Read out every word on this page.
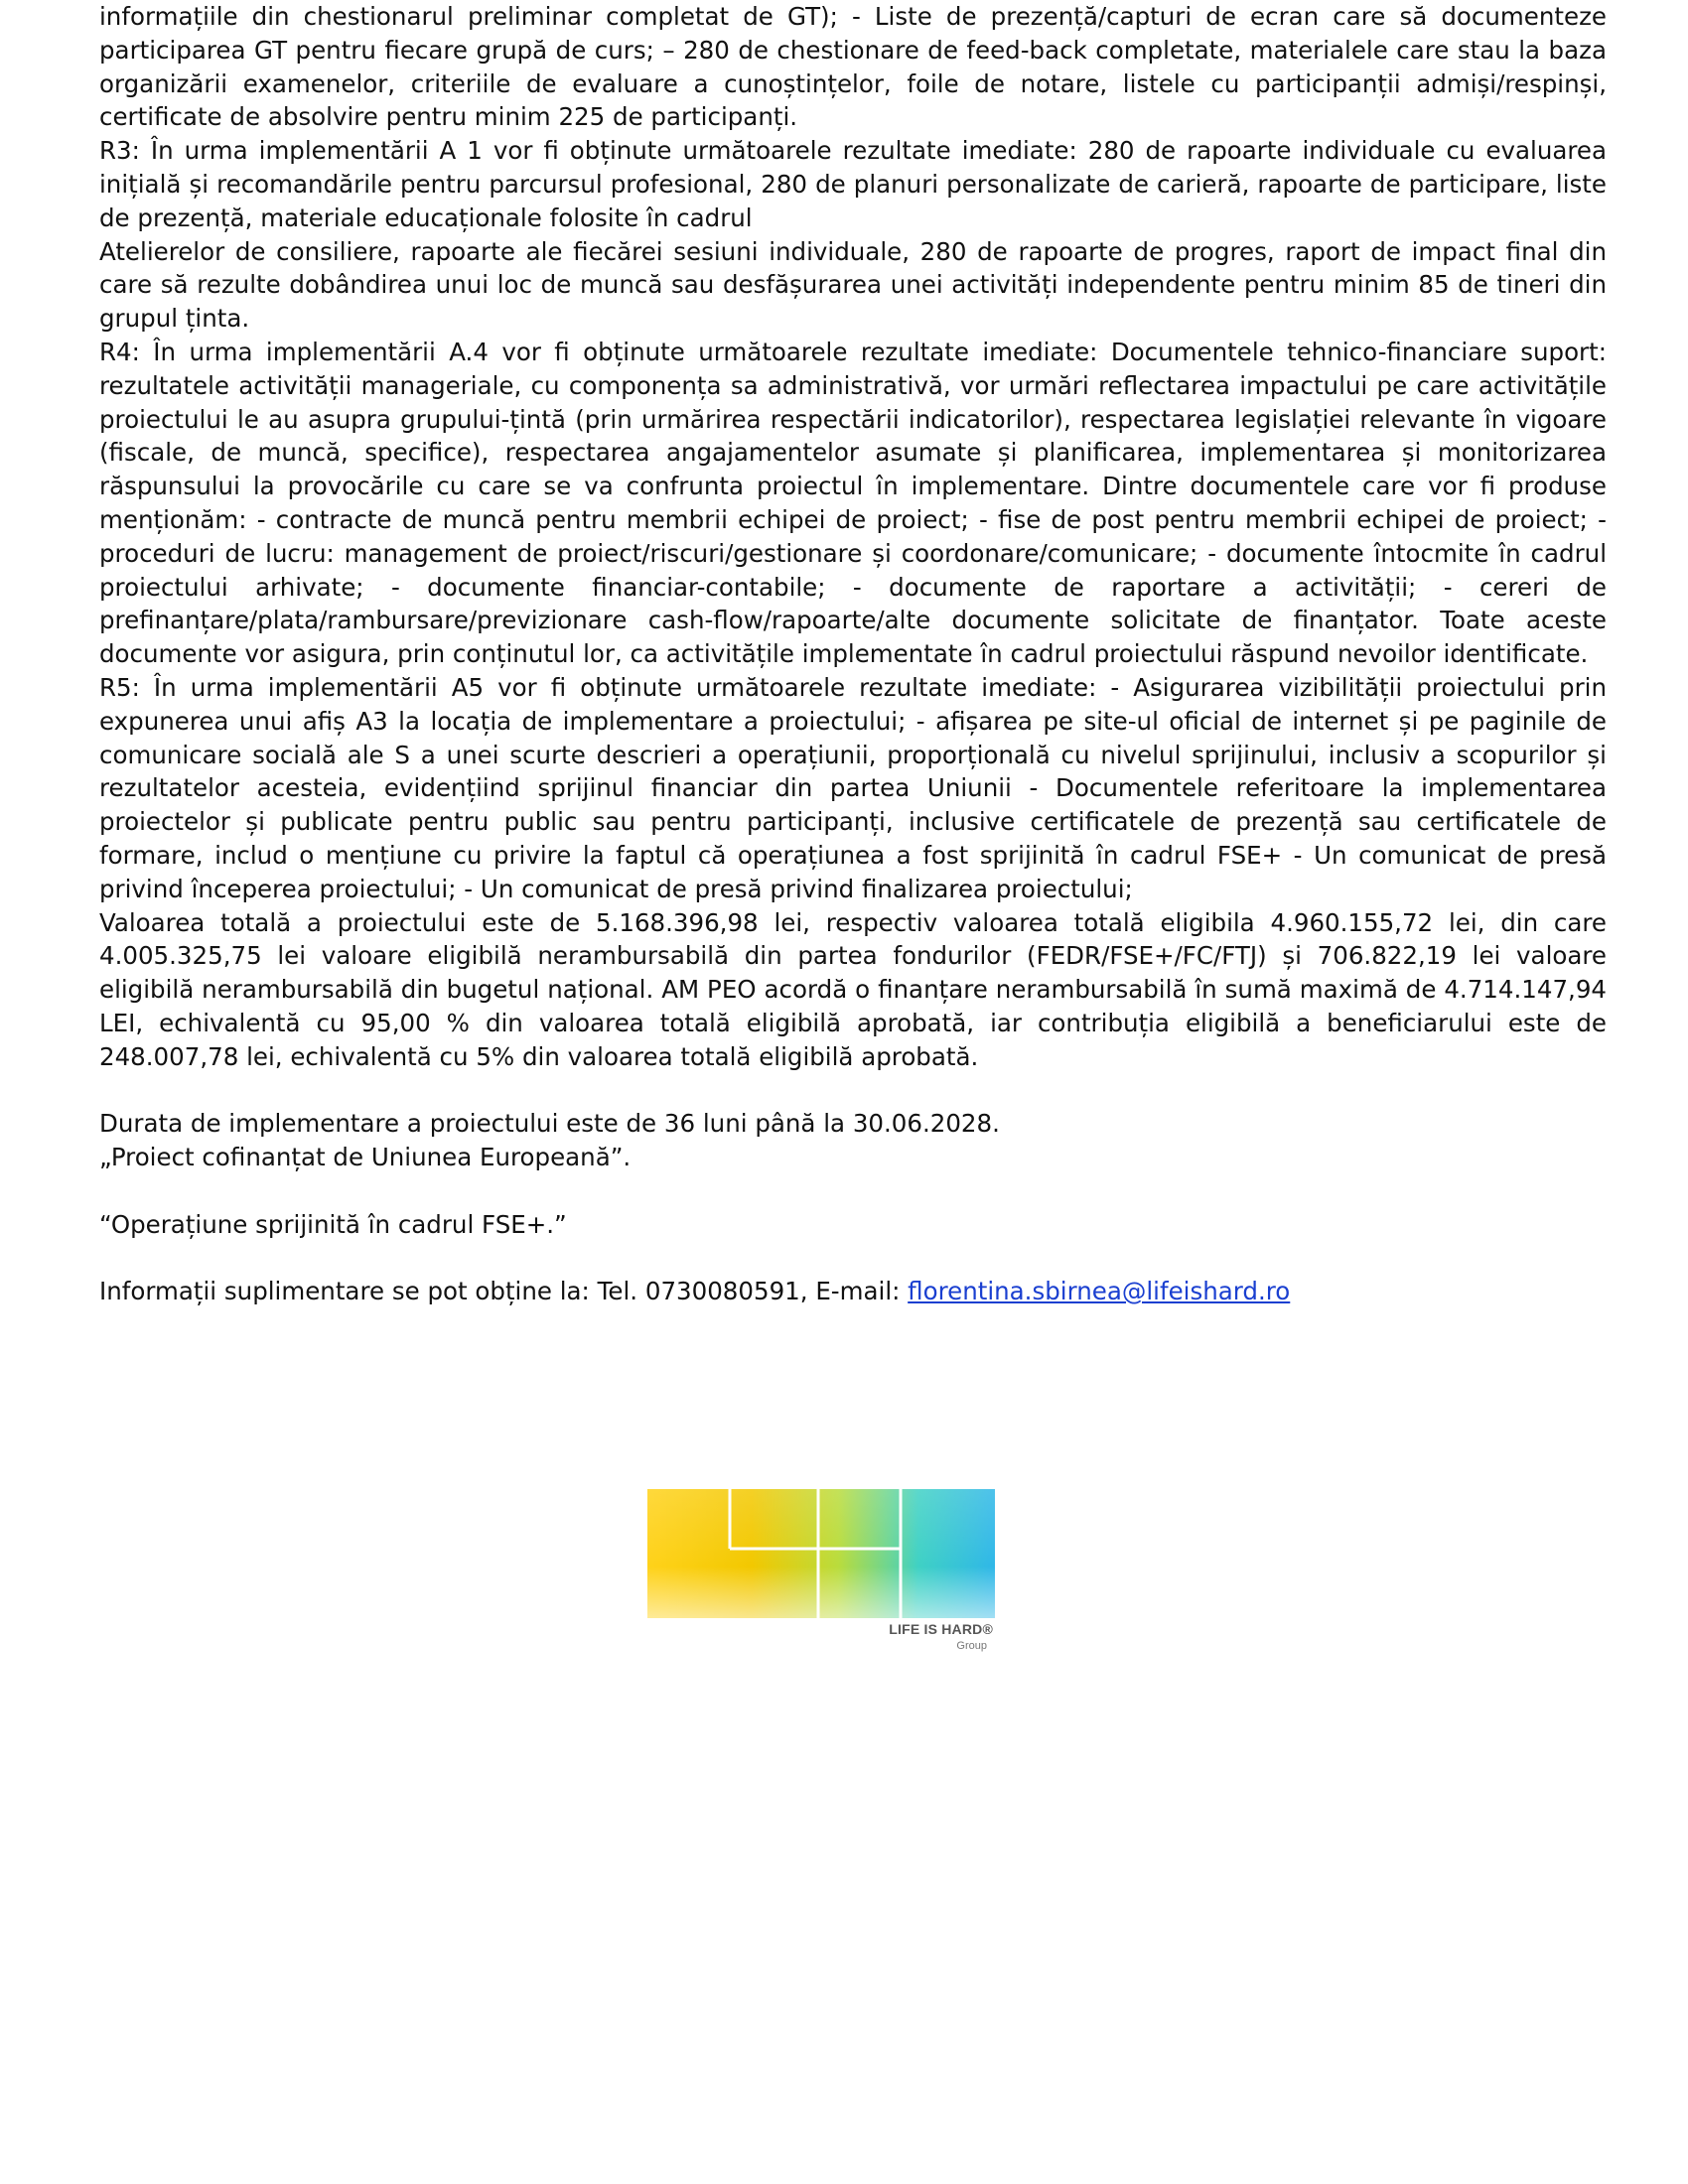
informațiile din chestionarul preliminar completat de GT); - Liste de prezență/capturi de ecran care să documenteze participarea GT pentru fiecare grupă de curs; – 280 de chestionare de feed-back completate, materialele care stau la baza organizării examenelor, criteriile de evaluare a cunoștințelor, foile de notare, listele cu participanții admiși/respinși, certificate de absolvire pentru minim 225 de participanți.

R3: În urma implementării A 1 vor fi obținute următoarele rezultate imediate: 280 de rapoarte individuale cu evaluarea inițială și recomandările pentru parcursul profesional, 280 de planuri personalizate de carieră, rapoarte de participare, liste de prezență, materiale educaționale folosite în cadrul

Atelierelor de consiliere, rapoarte ale fiecărei sesiuni individuale, 280 de rapoarte de progres, raport de impact final din care să rezulte dobândirea unui loc de muncă sau desfășurarea unei activități independente pentru minim 85 de tineri din grupul ținta.

R4: În urma implementării A.4 vor fi obținute următoarele rezultate imediate: Documentele tehnico-financiare suport: rezultatele activității manageriale, cu componența sa administrativă, vor urmări reflectarea impactului pe care activitățile proiectului le au asupra grupului-țintă (prin urmărirea respectării indicatorilor), respectarea legislației relevante în vigoare (fiscale, de muncă, specifice), respectarea angajamentelor asumate și planificarea, implementarea și monitorizarea răspunsului la provocările cu care se va confrunta proiectul în implementare. Dintre documentele care vor fi produse menționăm: - contracte de muncă pentru membrii echipei de proiect; - fise de post pentru membrii echipei de proiect; - proceduri de lucru: management de proiect/riscuri/gestionare și coordonare/comunicare; - documente întocmite în cadrul proiectului arhivate; - documente financiar-contabile; - documente de raportare a activității; - cereri de prefinanțare/plata/rambursare/previzionare cash-flow/rapoarte/alte documente solicitate de finanțator. Toate aceste documente vor asigura, prin conținutul lor, ca activitățile implementate în cadrul proiectului răspund nevoilor identificate.

R5: În urma implementării A5 vor fi obținute următoarele rezultate imediate: - Asigurarea vizibilității proiectului prin expunerea unui afiș A3 la locația de implementare a proiectului; - afișarea pe site-ul oficial de internet și pe paginile de comunicare socială ale S a unei scurte descrieri a operațiunii, proporțională cu nivelul sprijinului, inclusiv a scopurilor și rezultatelor acesteia, evidențiind sprijinul financiar din partea Uniunii - Documentele referitoare la implementarea proiectelor și publicate pentru public sau pentru participanți, inclusive certificatele de prezență sau certificatele de formare, includ o mențiune cu privire la faptul că operațiunea a fost sprijinită în cadrul FSE+ - Un comunicat de presă privind începerea proiectului; - Un comunicat de presă privind finalizarea proiectului;

Valoarea totală a proiectului este de 5.168.396,98 lei, respectiv valoarea totală eligibila 4.960.155,72 lei, din care 4.005.325,75 lei valoare eligibilă nerambursabilă din partea fondurilor (FEDR/FSE+/FC/FTJ) și 706.822,19 lei valoare eligibilă nerambursabilă din bugetul național. AM PEO acordă o finanțare nerambursabilă în sumă maximă de 4.714.147,94 LEI, echivalentă cu 95,00 % din valoarea totală eligibilă aprobată, iar contribuția eligibilă a beneficiarului este de 248.007,78 lei, echivalentă cu 5% din valoarea totală eligibilă aprobată.

Durata de implementare a proiectului este de 36 luni până la 30.06.2028.

„Proiect cofinanțat de Uniunea Europeană”.

“Operațiune sprijinită în cadrul FSE+.”

Informații suplimentare se pot obține la: Tel. 0730080591, E-mail: florentina.sbirnea@lifeishard.ro

LIFE IS HARD®
Group
